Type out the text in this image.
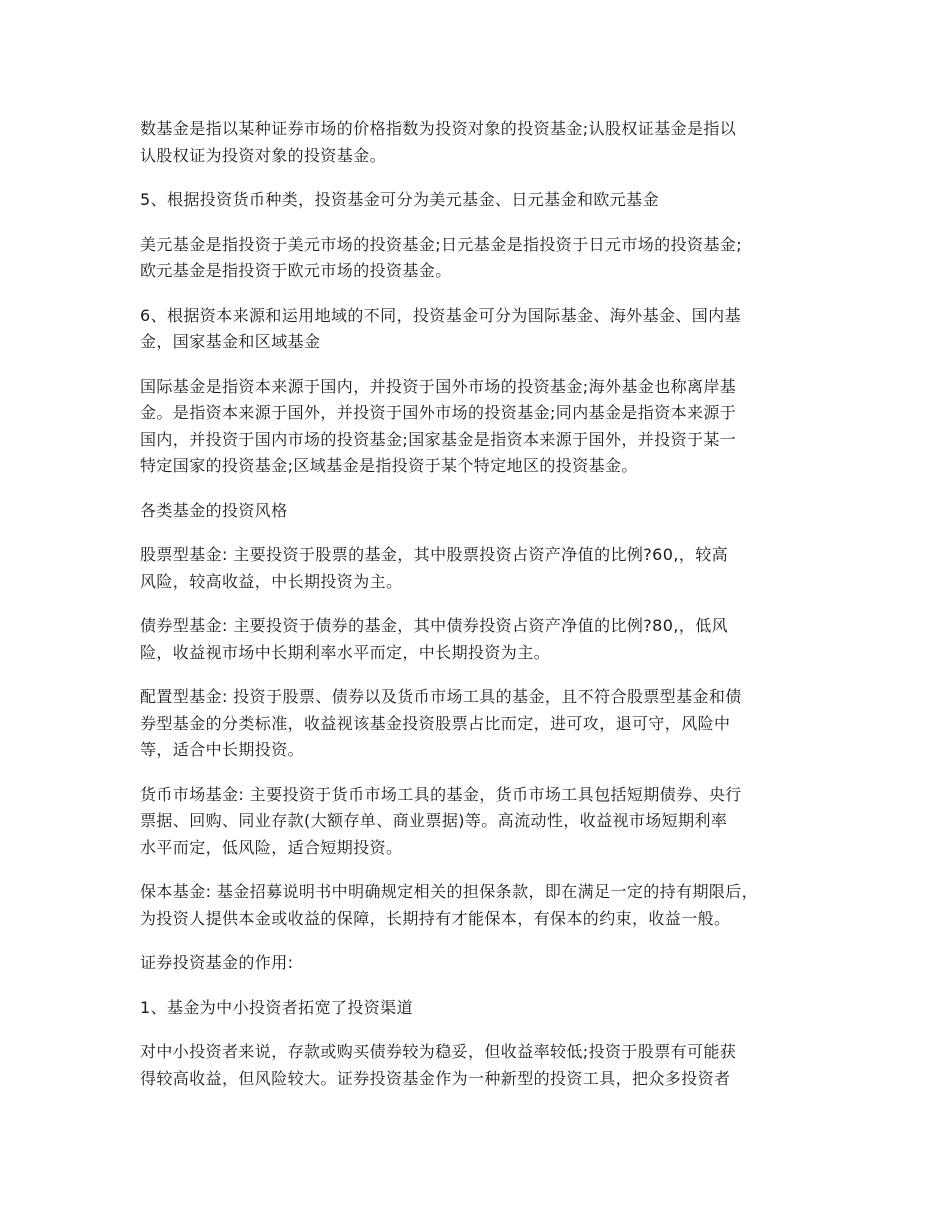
数基金是指以某种证券市场的价格指数为投资对象的投资基金;认股权证基金是指以
认股权证为投资对象的投资基金。

5、根据投资货币种类，投资基金可分为美元基金、日元基金和欧元基金

美元基金是指投资于美元市场的投资基金;日元基金是指投资于日元市场的投资基金;
欧元基金是指投资于欧元市场的投资基金。

6、根据资本来源和运用地域的不同，投资基金可分为国际基金、海外基金、国内基
金，国家基金和区域基金

国际基金是指资本来源于国内，并投资于国外市场的投资基金;海外基金也称离岸基
金。是指资本来源于国外，并投资于国外市场的投资基金;同内基金是指资本来源于
国内，并投资于国内市场的投资基金;国家基金是指资本来源于国外，并投资于某一
特定国家的投资基金;区域基金是指投资于某个特定地区的投资基金。

各类基金的投资风格

股票型基金: 主要投资于股票的基金，其中股票投资占资产净值的比例?60,，较高
风险，较高收益，中长期投资为主。

债券型基金: 主要投资于债券的基金，其中债券投资占资产净值的比例?80,，低风
险，收益视市场中长期利率水平而定，中长期投资为主。

配置型基金: 投资于股票、债券以及货币市场工具的基金，且不符合股票型基金和债
券型基金的分类标准，收益视该基金投资股票占比而定，进可攻，退可守，风险中
等，适合中长期投资。

货币市场基金: 主要投资于货币市场工具的基金，货币市场工具包括短期债券、央行
票据、回购、同业存款(大额存单、商业票据)等。高流动性，收益视市场短期利率
水平而定，低风险，适合短期投资。

保本基金: 基金招募说明书中明确规定相关的担保条款，即在满足一定的持有期限后，
为投资人提供本金或收益的保障，长期持有才能保本，有保本的约束，收益一般。

证券投资基金的作用:

1、基金为中小投资者拓宽了投资渠道

对中小投资者来说，存款或购买债券较为稳妥，但收益率较低;投资于股票有可能获
得较高收益，但风险较大。证券投资基金作为一种新型的投资工具，把众多投资者
